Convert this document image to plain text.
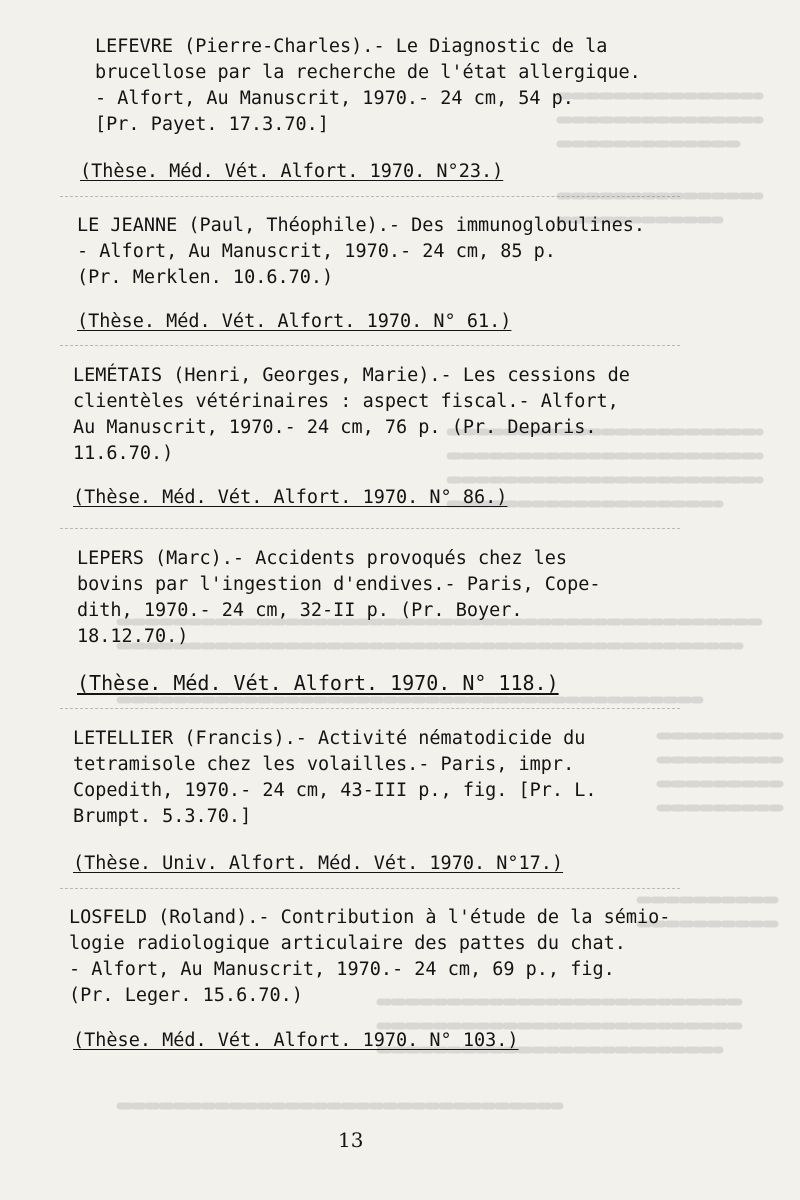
LEFEVRE (Pierre-Charles).- Le Diagnostic de la
brucellose par la recherche de l'état allergique.
- Alfort, Au Manuscrit, 1970.- 24 cm, 54 p.
[Pr. Payet. 17.3.70.]
(Thèse. Méd. Vét. Alfort. 1970. N°23.)
LE JEANNE (Paul, Théophile).- Des immunoglobulines.
- Alfort, Au Manuscrit, 1970.- 24 cm, 85 p.
(Pr. Merklen. 10.6.70.)
(Thèse. Méd. Vét. Alfort. 1970. N° 61.)
LEMÉTAIS (Henri, Georges, Marie).- Les cessions de
clientèles vétérinaires : aspect fiscal.- Alfort,
Au Manuscrit, 1970.- 24 cm, 76 p. (Pr. Deparis.
11.6.70.)
(Thèse. Méd. Vét. Alfort. 1970. N° 86.)
LEPERS (Marc).- Accidents provoqués chez les
bovins par l'ingestion d'endives.- Paris, Cope-
dith, 1970.- 24 cm, 32-II p. (Pr. Boyer.
18.12.70.)
(Thèse. Méd. Vét. Alfort. 1970. N° 118.)
LETELLIER (Francis).- Activité nématodicide du
tetramisole chez les volailles.- Paris, impr.
Copedith, 1970.- 24 cm, 43-III p., fig. [Pr. L.
Brumpt. 5.3.70.]
(Thèse. Univ. Alfort. Méd. Vét. 1970. N°17.)
LOSFELD (Roland).- Contribution à l'étude de la sémio-
logie radiologique articulaire des pattes du chat.
- Alfort, Au Manuscrit, 1970.- 24 cm, 69 p., fig.
(Pr. Leger. 15.6.70.)
(Thèse. Méd. Vét. Alfort. 1970. N° 103.)
13
